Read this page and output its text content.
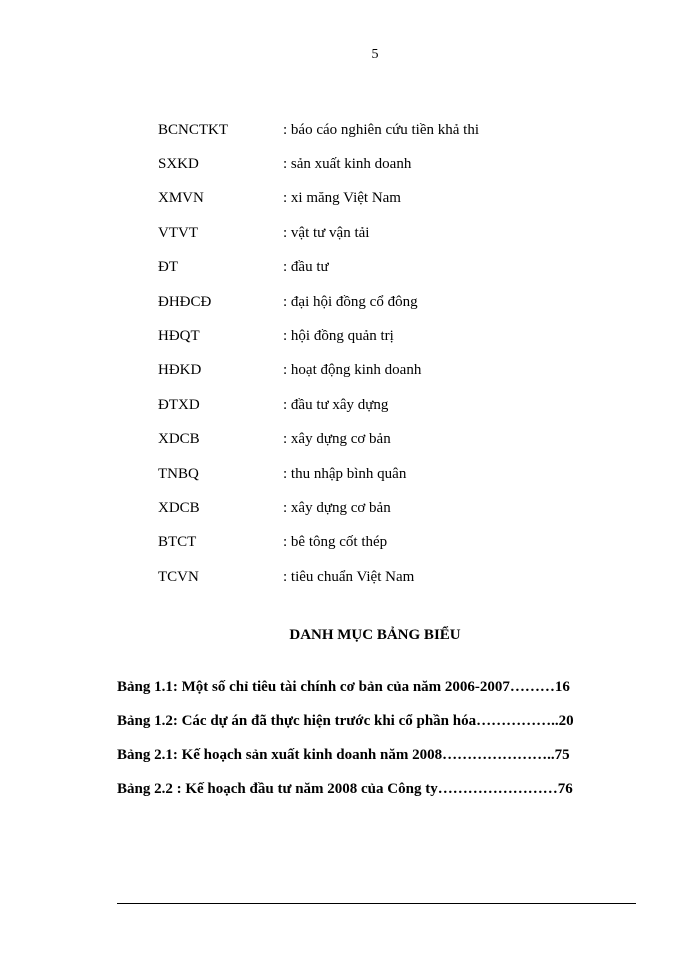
5
BCNCTKT	: báo cáo nghiên cứu tiền khả thi
SXKD	: sản xuất kinh doanh
XMVN	: xi măng Việt Nam
VTVT	: vật tư vận tải
ĐT	: đầu tư
ĐHĐCĐ	: đại hội đồng cổ đông
HĐQT	: hội đồng quản trị
HĐKD	: hoạt động kinh doanh
ĐTXD	: đầu tư xây dựng
XDCB	: xây dựng cơ bản
TNBQ	: thu nhập bình quân
XDCB	: xây dựng cơ bản
BTCT	: bê tông cốt thép
TCVN	: tiêu chuẩn Việt Nam
DANH MỤC BẢNG BIỂU
Bảng 1.1: Một số chỉ tiêu tài chính cơ bản của năm 2006-2007………16
Bảng 1.2: Các dự án đã thực hiện trước khi cổ phần hóa……………..20
Bảng 2.1: Kế hoạch sản xuất kinh doanh năm 2008…………………..75
Bảng 2.2 : Kế hoạch đầu tư năm 2008 của Công ty……………………76
